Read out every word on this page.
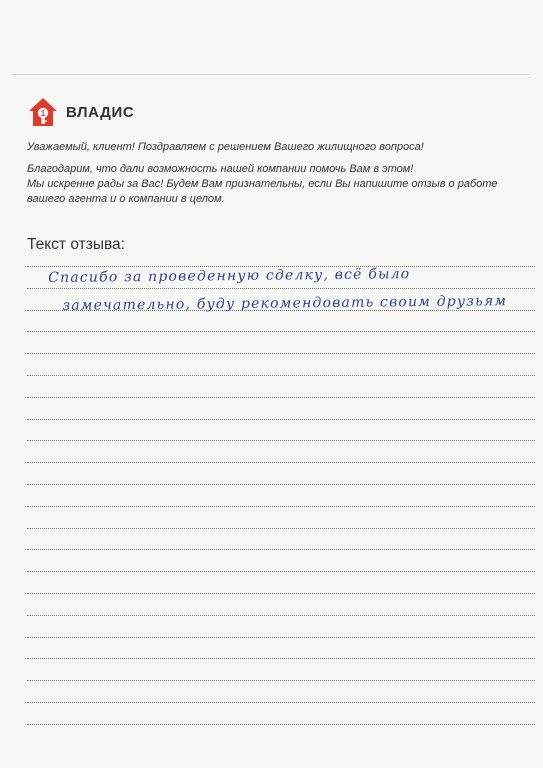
1 ВЛАДИС

Уважаемый, клиент! Поздравляем с решением Вашего жилищного вопроса!

Благодарим, что дали возможность нашей компании помочь Вам в этом!

Мы искренне рады за Вас! Будем Вам признательны, если Вы напишите отзыв о работе

вашего агента и о компании в целом.

Текст отзыва:
Спасибо за проведенную сделку, всё было
замечательно, буду рекомендовать своим друзьям
